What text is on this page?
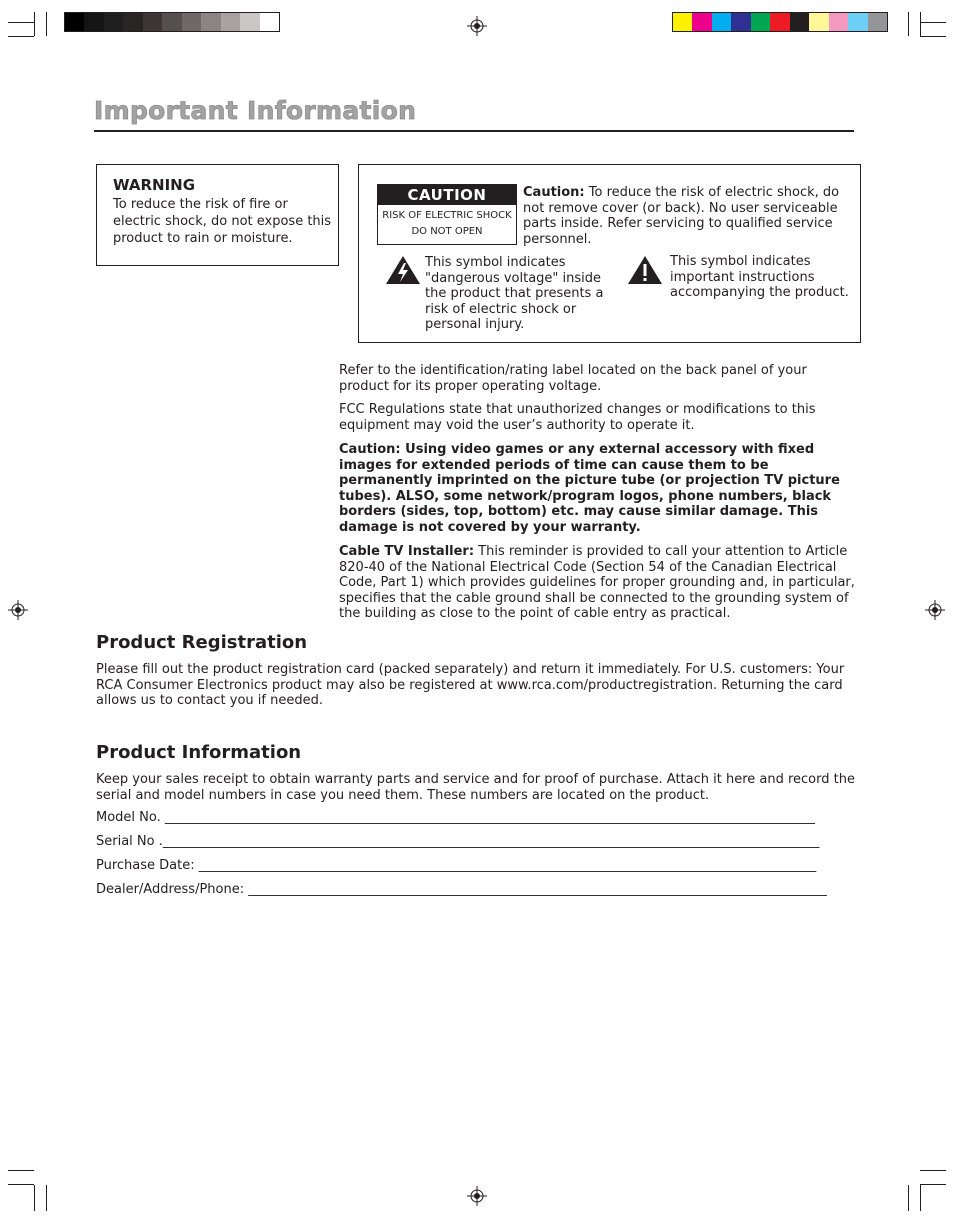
Important Information
WARNING

To reduce the risk of fire or electric shock, do not expose this product to rain or moisture.

CAUTION
RISK OF ELECTRIC SHOCK
DO NOT OPEN

Caution: To reduce the risk of electric shock, do not remove cover (or back). No user serviceable parts inside. Refer servicing to qualified service personnel.

This symbol indicates "dangerous voltage" inside the product that presents a risk of electric shock or personal injury.

This symbol indicates important instructions accompanying the product.

Refer to the identification/rating label located on the back panel of your product for its proper operating voltage.

FCC Regulations state that unauthorized changes or modifications to this equipment may void the user’s authority to operate it.

Caution: Using video games or any external accessory with fixed images for extended periods of time can cause them to be permanently imprinted on the picture tube (or projection TV picture tubes). ALSO, some network/program logos, phone numbers, black borders (sides, top, bottom) etc. may cause similar damage. This damage is not covered by your warranty.

Cable TV Installer: This reminder is provided to call your attention to Article 820-40 of the National Electrical Code (Section 54 of the Canadian Electrical Code, Part 1) which provides guidelines for proper grounding and, in particular, specifies that the cable ground shall be connected to the grounding system of the building as close to the point of cable entry as practical.

Product Registration

Please fill out the product registration card (packed separately) and return it immediately. For U.S. customers: Your RCA Consumer Electronics product may also be registered at www.rca.com/productregistration. Returning the card allows us to contact you if needed.

Product Information

Keep your sales receipt to obtain warranty parts and service and for proof of purchase. Attach it here and record the serial and model numbers in case you need them. These numbers are located on the product.

Model No. ____________________________________________________________________________________________________
Serial No ._____________________________________________________________________________________________________
Purchase Date: _______________________________________________________________________________________________
Dealer/Address/Phone: _________________________________________________________________________________________
